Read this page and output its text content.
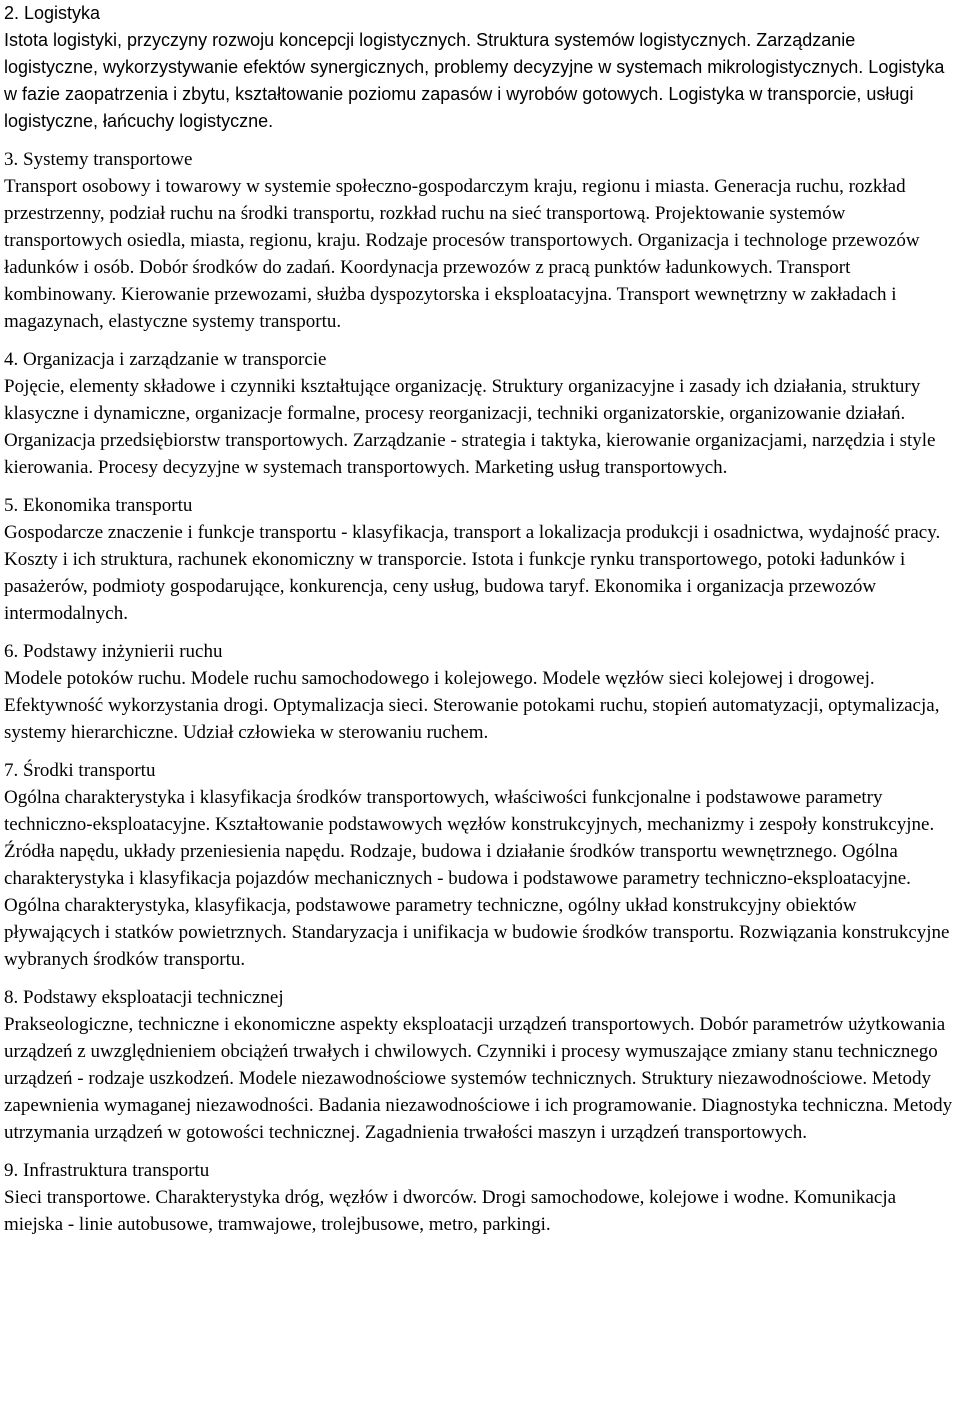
2. Logistyka
Istota logistyki, przyczyny rozwoju koncepcji logistycznych. Struktura systemów logistycznych. Zarządzanie logistyczne, wykorzystywanie efektów synergicznych, problemy decyzyjne w systemach mikrologistycznych. Logistyka w fazie zaopatrzenia i zbytu, kształtowanie poziomu zapasów i wyrobów gotowych. Logistyka w transporcie, usługi logistyczne, łańcuchy logistyczne.
3. Systemy transportowe
Transport osobowy i towarowy w systemie społeczno-gospodarczym kraju, regionu i miasta. Generacja ruchu, rozkład przestrzenny, podział ruchu na środki transportu, rozkład ruchu na sieć transportową. Projektowanie systemów transportowych osiedla, miasta, regionu, kraju. Rodzaje procesów transportowych. Organizacja i technologe przewozów ładunków i osób. Dobór środków do zadań. Koordynacja przewozów z pracą punktów ładunkowych. Transport kombinowany. Kierowanie przewozami, służba dyspozytorska i eksploatacyjna. Transport wewnętrzny w zakładach i magazynach, elastyczne systemy transportu.
4. Organizacja i zarządzanie w transporcie
Pojęcie, elementy składowe i czynniki kształtujące organizację. Struktury organizacyjne i zasady ich działania, struktury klasyczne i dynamiczne, organizacje formalne, procesy reorganizacji, techniki organizatorskie, organizowanie działań. Organizacja przedsiębiorstw transportowych. Zarządzanie - strategia i taktyka, kierowanie organizacjami, narzędzia i style kierowania. Procesy decyzyjne w systemach transportowych. Marketing usług transportowych.
5. Ekonomika transportu
Gospodarcze znaczenie i funkcje transportu - klasyfikacja, transport a lokalizacja produkcji i osadnictwa, wydajność pracy. Koszty i ich struktura, rachunek ekonomiczny w transporcie. Istota i funkcje rynku transportowego, potoki ładunków i pasażerów, podmioty gospodarujące, konkurencja, ceny usług, budowa taryf. Ekonomika i organizacja przewozów intermodalnych.
6. Podstawy inżynierii ruchu
Modele potoków ruchu. Modele ruchu samochodowego i kolejowego. Modele węzłów sieci kolejowej i drogowej. Efektywność wykorzystania drogi. Optymalizacja sieci. Sterowanie potokami ruchu, stopień automatyzacji, optymalizacja, systemy hierarchiczne. Udział człowieka w sterowaniu ruchem.
7. Środki transportu
Ogólna charakterystyka i klasyfikacja środków transportowych, właściwości funkcjonalne i podstawowe parametry techniczno-eksploatacyjne. Kształtowanie podstawowych węzłów konstrukcyjnych, mechanizmy i zespoły konstrukcyjne. Źródła napędu, układy przeniesienia napędu. Rodzaje, budowa i działanie środków transportu wewnętrznego. Ogólna charakterystyka i klasyfikacja pojazdów mechanicznych - budowa i podstawowe parametry techniczno-eksploatacyjne. Ogólna charakterystyka, klasyfikacja, podstawowe parametry techniczne, ogólny układ konstrukcyjny obiektów pływających i statków powietrznych. Standaryzacja i unifikacja w budowie środków transportu. Rozwiązania konstrukcyjne wybranych środków transportu.
8. Podstawy eksploatacji technicznej
Prakseologiczne, techniczne i ekonomiczne aspekty eksploatacji urządzeń transportowych. Dobór parametrów użytkowania urządzeń z uwzględnieniem obciążeń trwałych i chwilowych. Czynniki i procesy wymuszające zmiany stanu technicznego urządzeń - rodzaje uszkodzeń. Modele niezawodnościowe systemów technicznych. Struktury niezawodnościowe. Metody zapewnienia wymaganej niezawodności. Badania niezawodnościowe i ich programowanie. Diagnostyka techniczna. Metody utrzymania urządzeń w gotowości technicznej. Zagadnienia trwałości maszyn i urządzeń transportowych.
9. Infrastruktura transportu
Sieci transportowe. Charakterystyka dróg, węzłów i dworców. Drogi samochodowe, kolejowe i wodne. Komunikacja miejska - linie autobusowe, tramwajowe, trolejbusowe, metro, parkingi.
